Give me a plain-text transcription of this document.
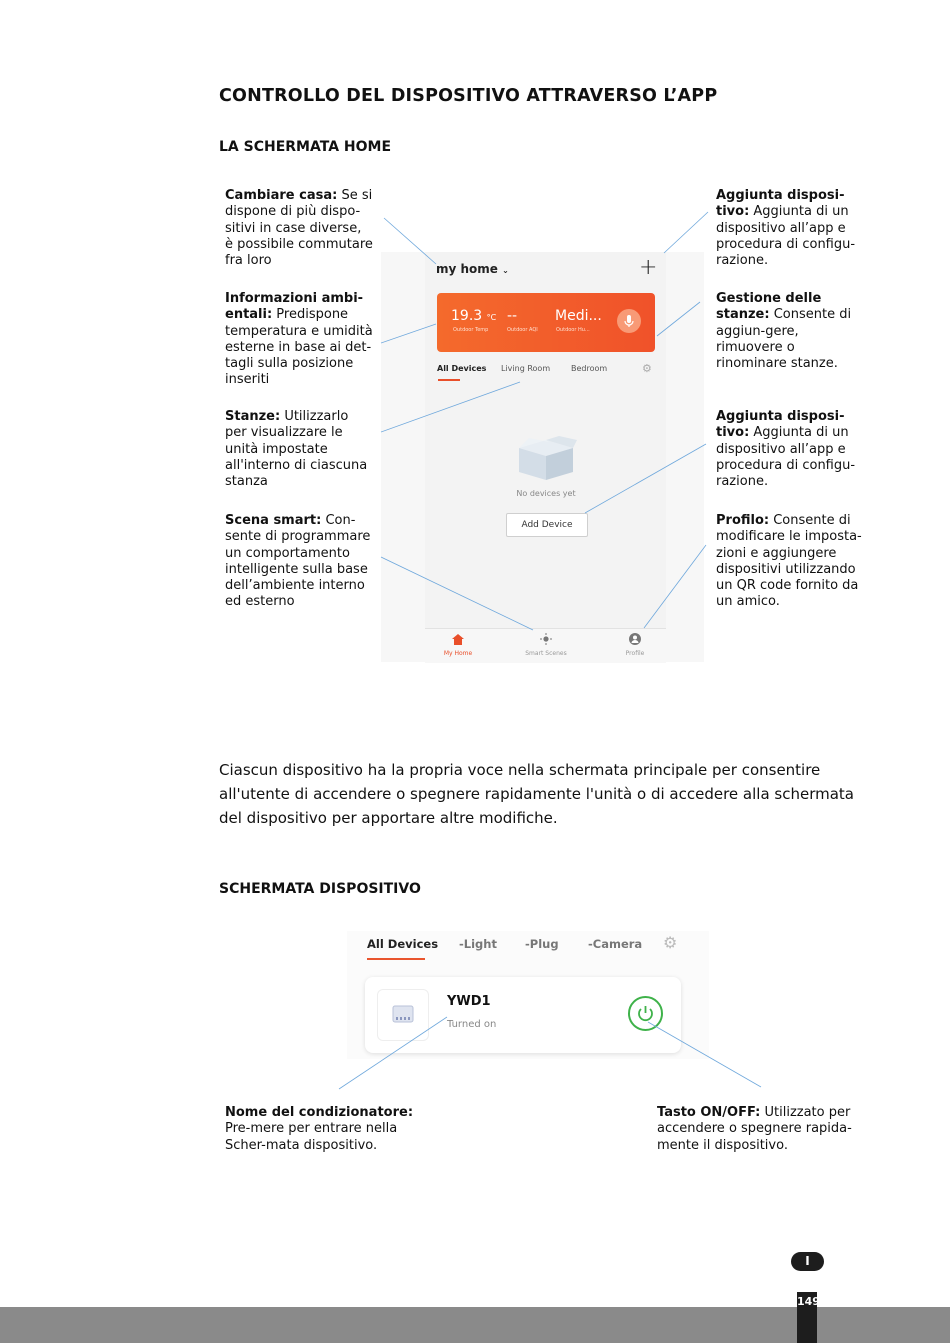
CONTROLLO DEL DISPOSITIVO ATTRAVERSO L’APP
LA SCHERMATA HOME
Cambiare casa: Se si dispone di più dispo-sitivi in case diverse, è possibile commutare fra loro
Informazioni ambi-entali: Predispone temperatura e umidità esterne in base ai det-tagli sulla posizione inseriti
Stanze: Utilizzarlo per visualizzare le unità impostate all'interno di ciascuna stanza
Scena smart: Con-sente di programmare un comportamento intelligente sulla base dell’ambiente interno ed esterno
Aggiunta disposi-tivo: Aggiunta di un dispositivo all’app e procedura di configu-razione.
Gestione delle stanze: Consente di aggiun-gere, rimuovere o rinominare stanze.
Aggiunta disposi-tivo: Aggiunta di un dispositivo all’app e procedura di configu-razione.
Profilo: Consente di modificare le imposta-zioni e aggiungere dispositivi utilizzando un QR code fornito da un amico.
my home ⌄	+
19.3 °C --	Medi...
Outdoor Temp	Outdoor AQI	Outdoor Hu...
All Devices Living Room	Bedroom	⚙
No devices yet
Add Device
My Home	Smart Scenes	Profile

Ciascun dispositivo ha la propria voce nella schermata principale per consentire all'utente di accendere o spegnere rapidamente l'unità o di accedere alla schermata del dispositivo per apportare altre modifiche.

SCHERMATA DISPOSITIVO
All Devices -Light -Plug	-Camera ⚙
YWD1
Turned on
Nome del condizionatore: Pre-mere per entrare nella Scher-mata dispositivo.
Tasto ON/OFF: Utilizzato per accendere o spegnere rapida-mente il dispositivo.
I
149
